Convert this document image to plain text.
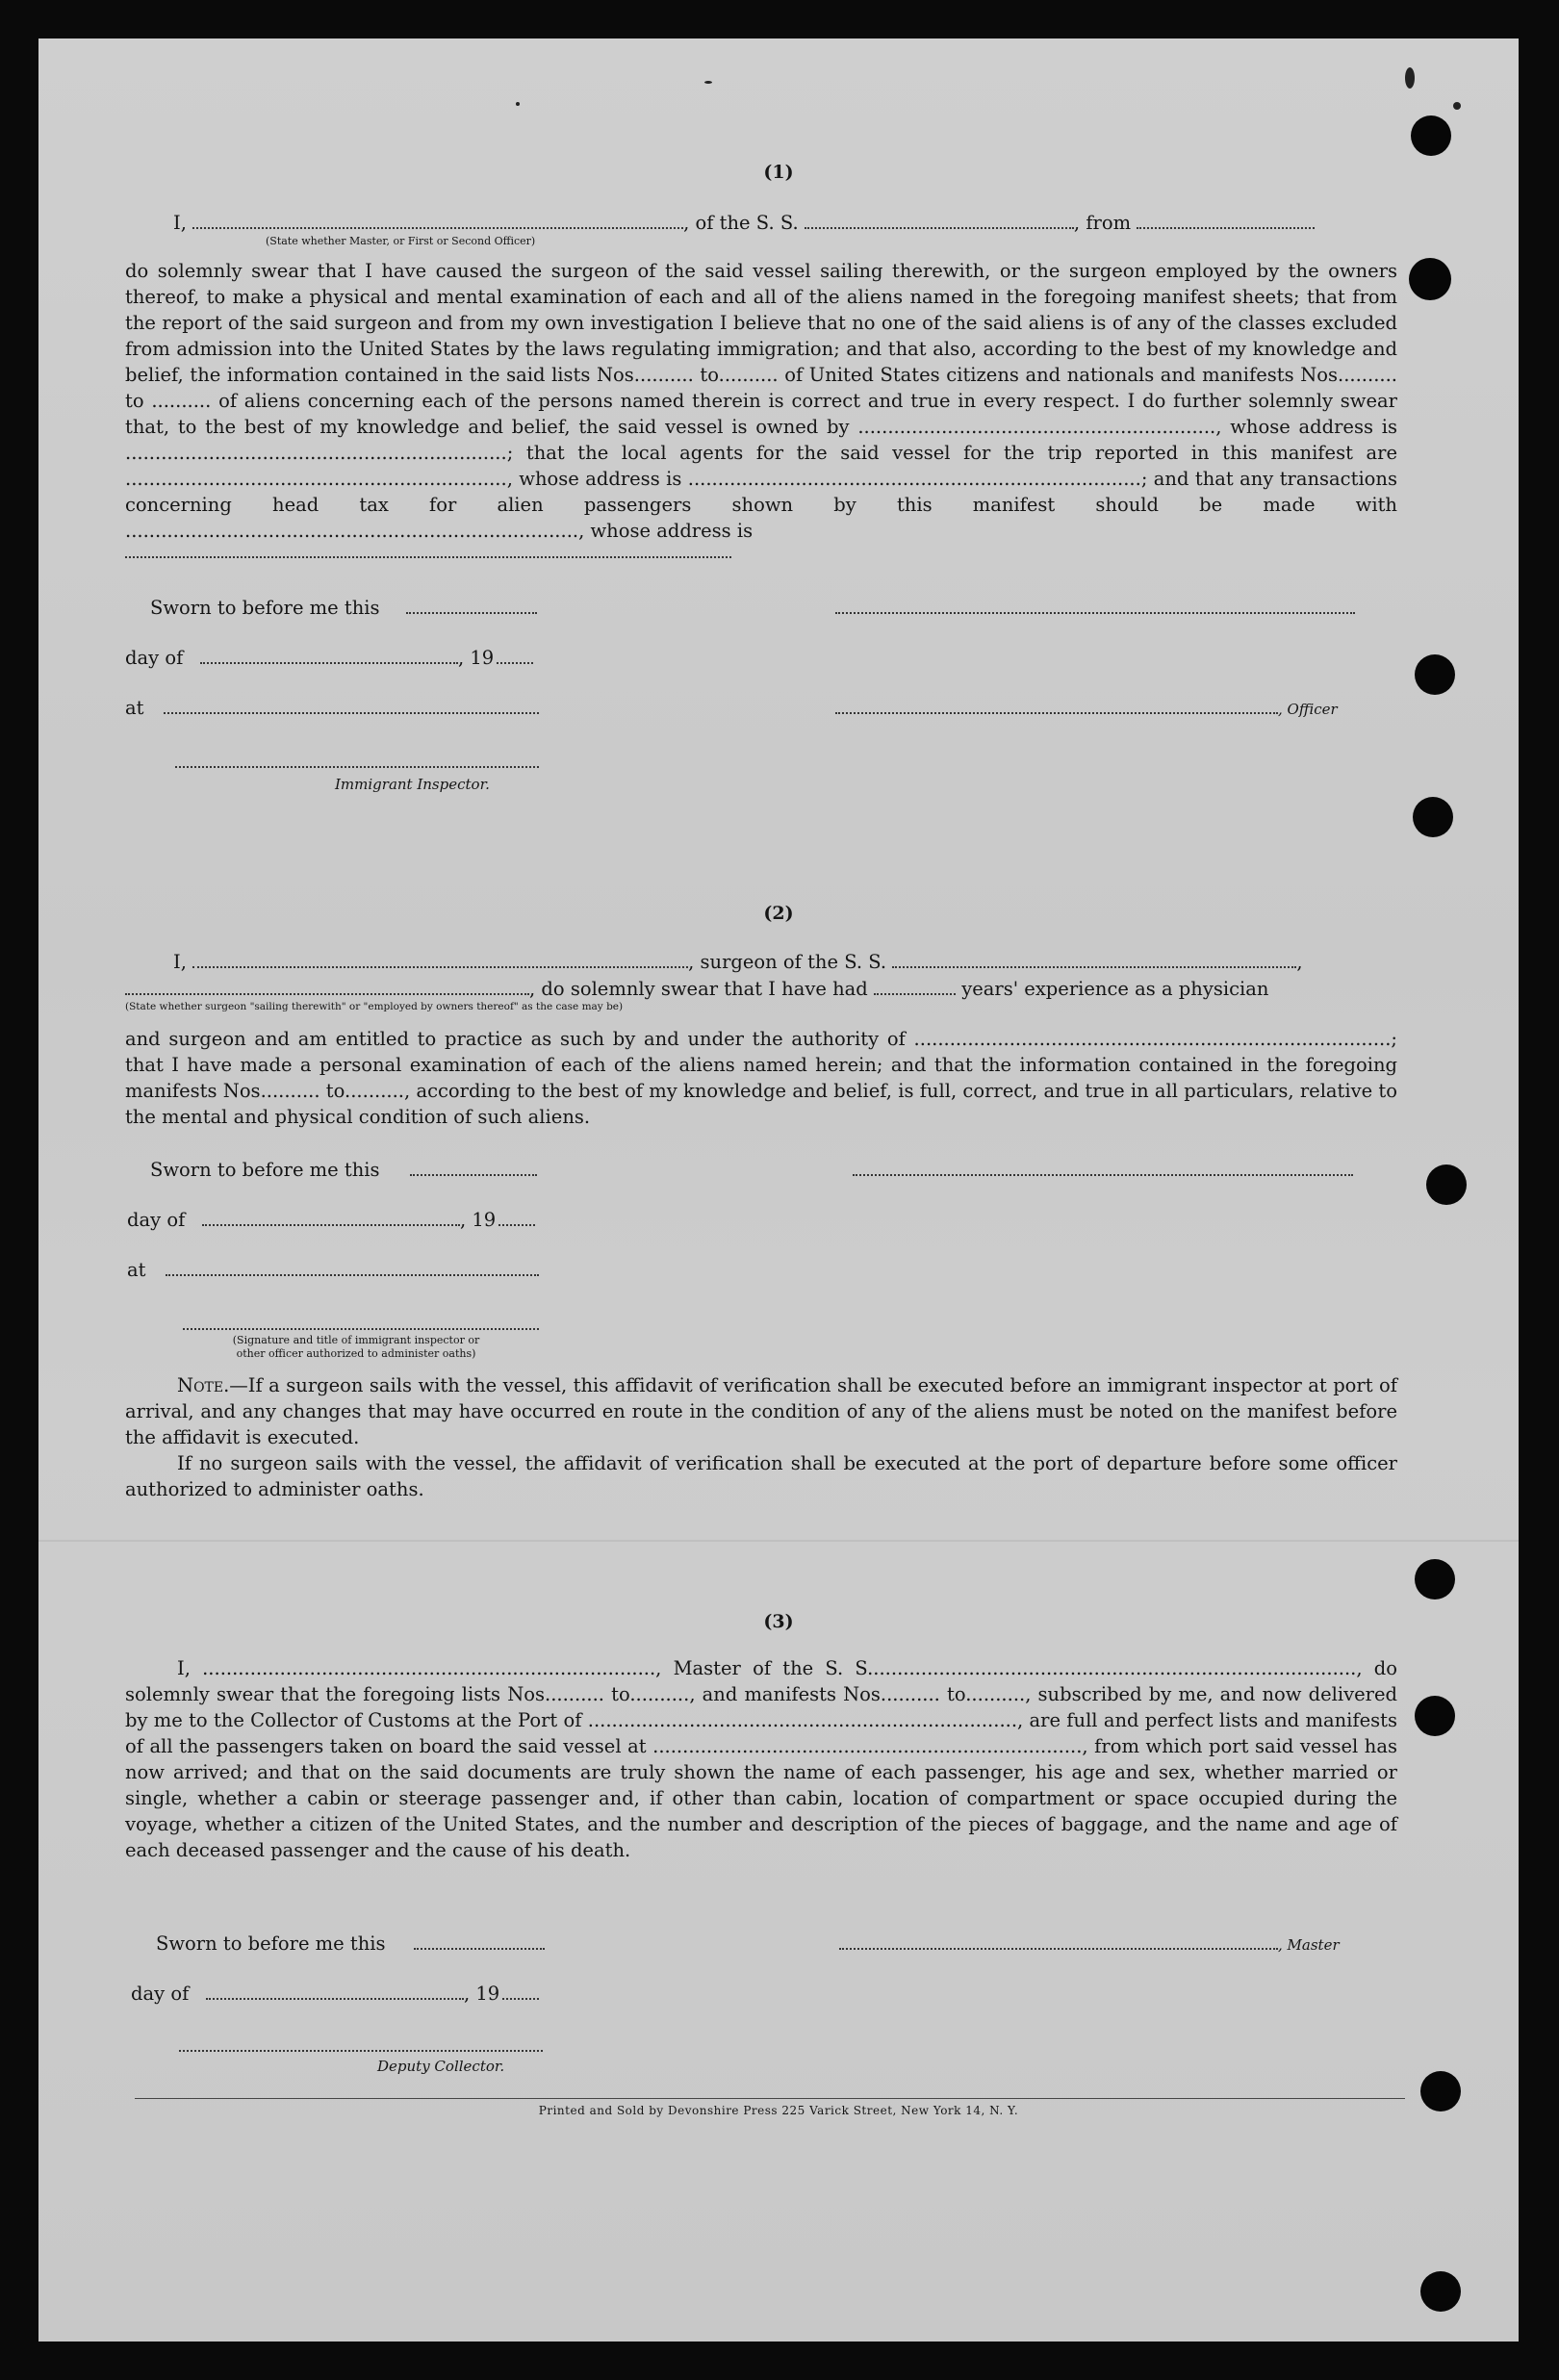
(1)
I,	, of the S. S.	, from
(State whether Master, or First or Second Officer)

do solemnly swear that I have caused the surgeon of the said vessel sailing therewith, or the surgeon employed by the owners thereof, to make a physical and mental examination of each and all of the aliens named in the foregoing manifest sheets; that from the report of the said surgeon and from my own investigation I believe that no one of the said aliens is of any of the classes excluded from admission into the United States by the laws regulating immigration; and that also, according to the best of my knowledge and belief, the information contained in the said lists Nos.......... to.......... of United States citizens and nationals and manifests Nos.......... to .......... of aliens concerning each of the persons named therein is correct and true in every respect. I do further solemnly swear that, to the best of my knowledge and belief, the said vessel is owned by ............................................................, whose address is ................................................................; that the local agents for the said vessel for the trip reported in this manifest are ................................................................, whose address is ............................................................................; and that any transactions concerning head tax for alien passengers shown by this manifest should be made with ............................................................................, whose address is

Sworn to before me this
day of	, 19
at	, Officer
Immigrant Inspector.
(2)
I,	, surgeon of the S. S.	,
, do solemnly swear that I have had	years' experience as a physician
(State whether surgeon "sailing therewith" or "employed by owners thereof" as the case may be)

and surgeon and am entitled to practice as such by and under the authority of ................................................................................; that I have made a personal examination of each of the aliens named herein; and that the information contained in the foregoing manifests Nos.......... to.........., according to the best of my knowledge and belief, is full, correct, and true in all particulars, relative to the mental and physical condition of such aliens.

Sworn to before me this
day of	, 19
at
(Signature and title of immigrant inspector or
other officer authorized to administer oaths)

Note.—If a surgeon sails with the vessel, this affidavit of verification shall be executed before an immigrant inspector at port of arrival, and any changes that may have occurred en route in the condition of any of the aliens must be noted on the manifest before the affidavit is executed.

If no surgeon sails with the vessel, the affidavit of verification shall be executed at the port of departure before some officer authorized to administer oaths.

(3)

I, ............................................................................, Master of the S. S.................................................................................., do solemnly swear that the foregoing lists Nos.......... to.........., and manifests Nos.......... to.........., subscribed by me, and now delivered by me to the Collector of Customs at the Port of ........................................................................, are full and perfect lists and manifests of all the passengers taken on board the said vessel at ........................................................................, from which port said vessel has now arrived; and that on the said documents are truly shown the name of each passenger, his age and sex, whether married or single, whether a cabin or steerage passenger and, if other than cabin, location of compartment or space occupied during the voyage, whether a citizen of the United States, and the number and description of the pieces of baggage, and the name and age of each deceased passenger and the cause of his death.

Sworn to before me this	, Master
day of	, 19
Deputy Collector.
Printed and Sold by Devonshire Press 225 Varick Street, New York 14, N. Y.
